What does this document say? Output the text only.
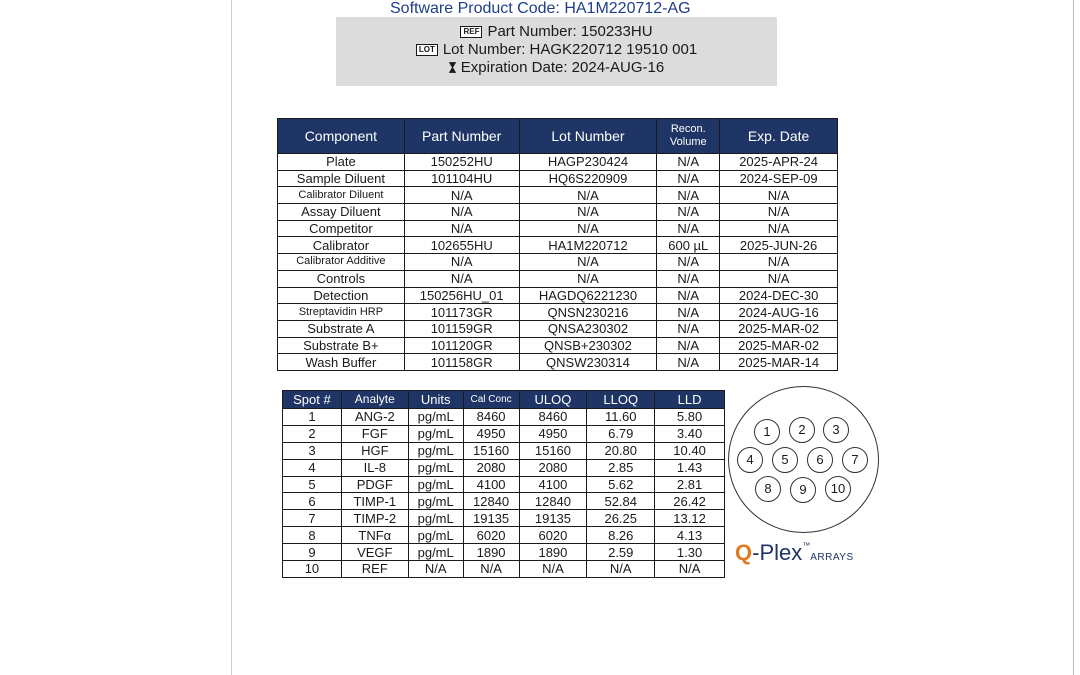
Software Product Code: HA1M220712-AG
REF Part Number: 150233HU
LOT Lot Number: HAGK220712 19510 001
Expiration Date: 2024-AUG-16
Component	Part Number	Lot Number	Recon. Volume	Exp. Date
Plate	150252HU	HAGP230424	N/A	2025-APR-24
Sample Diluent	101104HU	HQ6S220909	N/A	2024-SEP-09
Calibrator Diluent	N/A	N/A	N/A	N/A
Assay Diluent	N/A	N/A	N/A	N/A
Competitor	N/A	N/A	N/A	N/A
Calibrator	102655HU	HA1M220712	600 µL	2025-JUN-26
Calibrator Additive	N/A	N/A	N/A	N/A
Controls	N/A	N/A	N/A	N/A
Detection	150256HU_01	HAGDQ6221230	N/A	2024-DEC-30
Streptavidin HRP	101173GR	QNSN230216	N/A	2024-AUG-16
Substrate A	101159GR	QNSA230302	N/A	2025-MAR-02
Substrate B+	101120GR	QNSB+230302	N/A	2025-MAR-02
Wash Buffer	101158GR	QNSW230314	N/A	2025-MAR-14
Spot #	Analyte	Units	Cal Conc	ULOQ	LLOQ	LLD
1	ANG-2	pg/mL	8460	8460	11.60	5.80
2	FGF	pg/mL	4950	4950	6.79	3.40
3	HGF	pg/mL	15160	15160	20.80	10.40
4	IL-8	pg/mL	2080	2080	2.85	1.43
5	PDGF	pg/mL	4100	4100	5.62	2.81
6	TIMP-1	pg/mL	12840	12840	52.84	26.42
7	TIMP-2	pg/mL	19135	19135	26.25	13.12
8	TNFα	pg/mL	6020	6020	8.26	4.13
9	VEGF	pg/mL	1890	1890	2.59	1.30
10	REF	N/A	N/A	N/A	N/A	N/A
1	2	3
4	5	6	7
8	9	10
Q-Plex™ARRAYS
